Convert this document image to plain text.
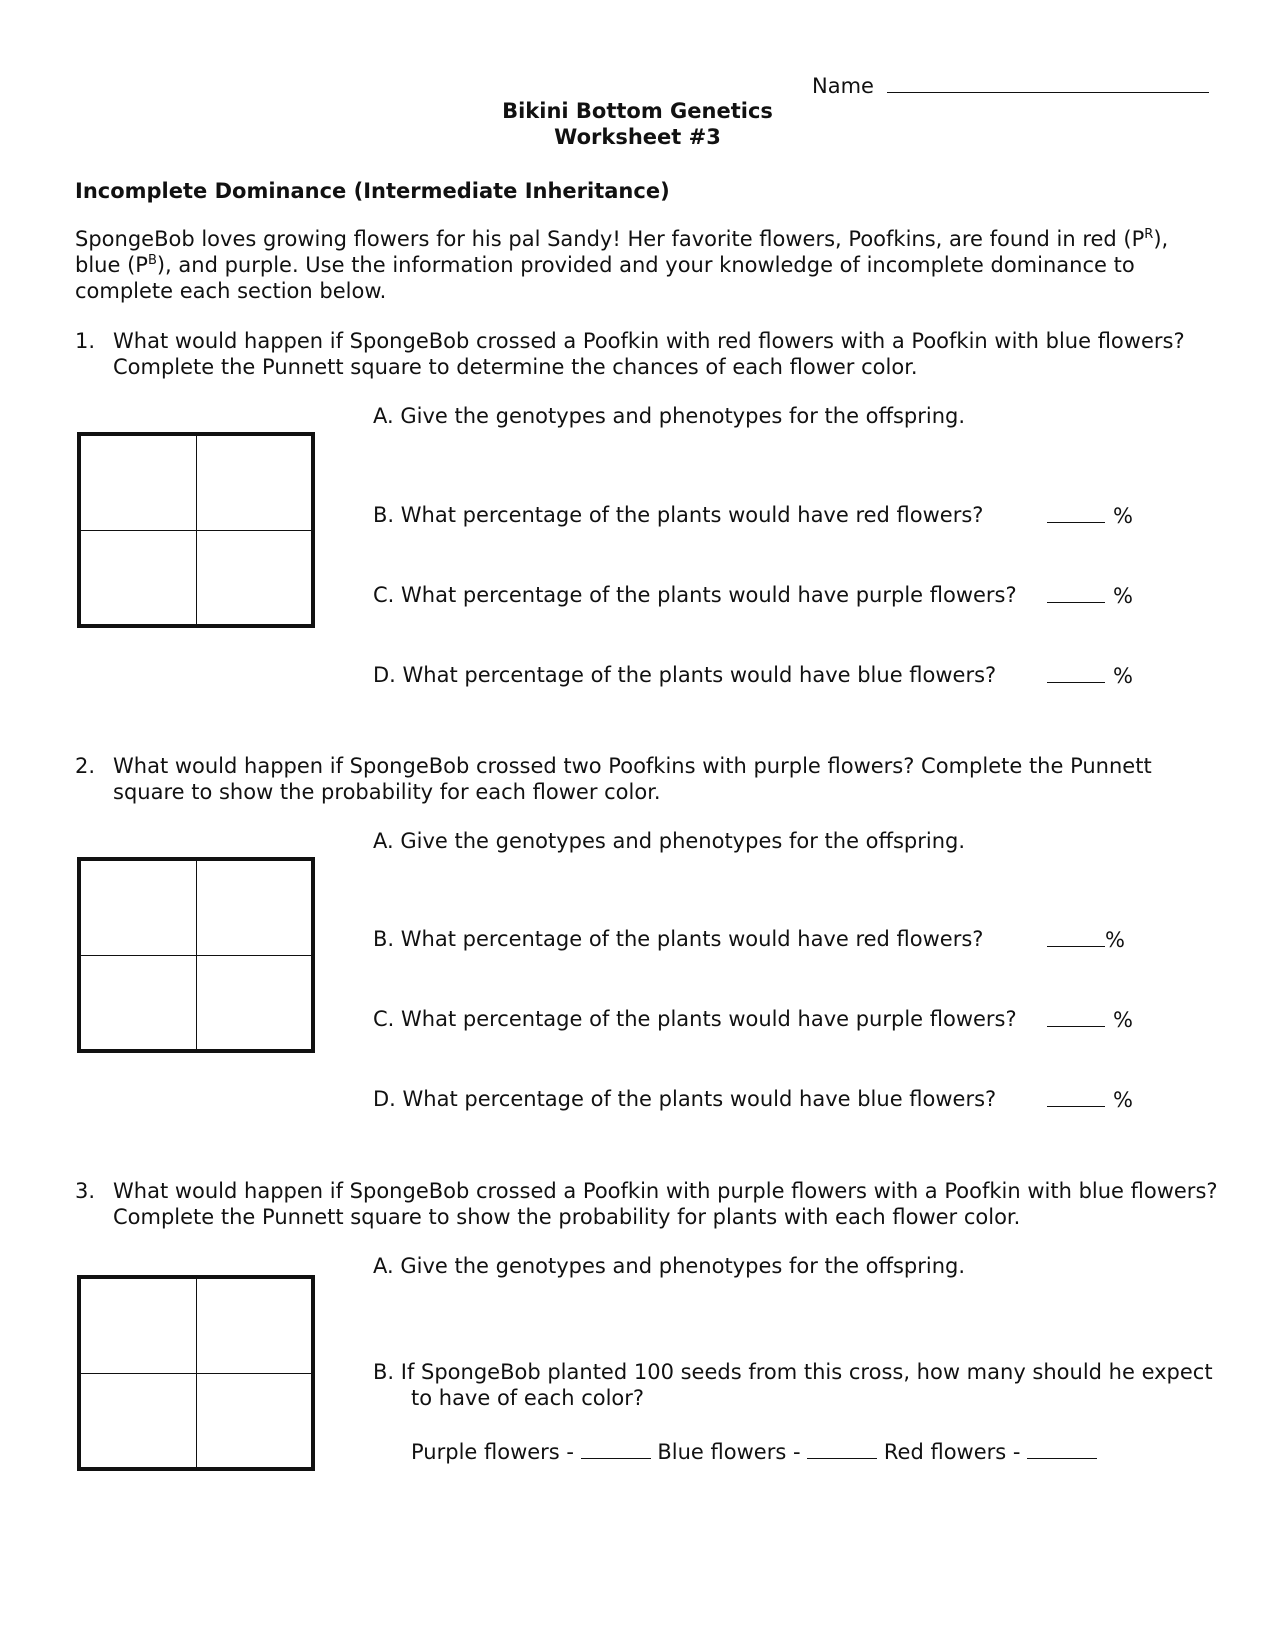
Name
Bikini Bottom Genetics
Worksheet #3
Incomplete Dominance (Intermediate Inheritance)
SpongeBob loves growing flowers for his pal Sandy! Her favorite flowers, Poofkins, are found in red $(P^R)$, blue $(P^B)$, and purple. Use the information provided and your knowledge of incomplete dominance to complete each section below.
1. What would happen if SpongeBob crossed a Poofkin with red flowers with a Poofkin with blue flowers?
Complete the Punnett square to determine the chances of each flower color.
A. Give the genotypes and phenotypes for the offspring.
B. What percentage of the plants would have red flowers?	%
C. What percentage of the plants would have purple flowers?	%
D. What percentage of the plants would have blue flowers?	%
2. What would happen if SpongeBob crossed two Poofkins with purple flowers? Complete the Punnett
square to show the probability for each flower color.
A. Give the genotypes and phenotypes for the offspring.
B. What percentage of the plants would have red flowers?	%
C. What percentage of the plants would have purple flowers?	%
D. What percentage of the plants would have blue flowers?	%
3. What would happen if SpongeBob crossed a Poofkin with purple flowers with a Poofkin with blue flowers?
Complete the Punnett square to show the probability for plants with each flower color.
A. Give the genotypes and phenotypes for the offspring.
B. If SpongeBob planted 100 seeds from this cross, how many should he expect
to have of each color?
Purple flowers -	Blue flowers -	Red flowers -
